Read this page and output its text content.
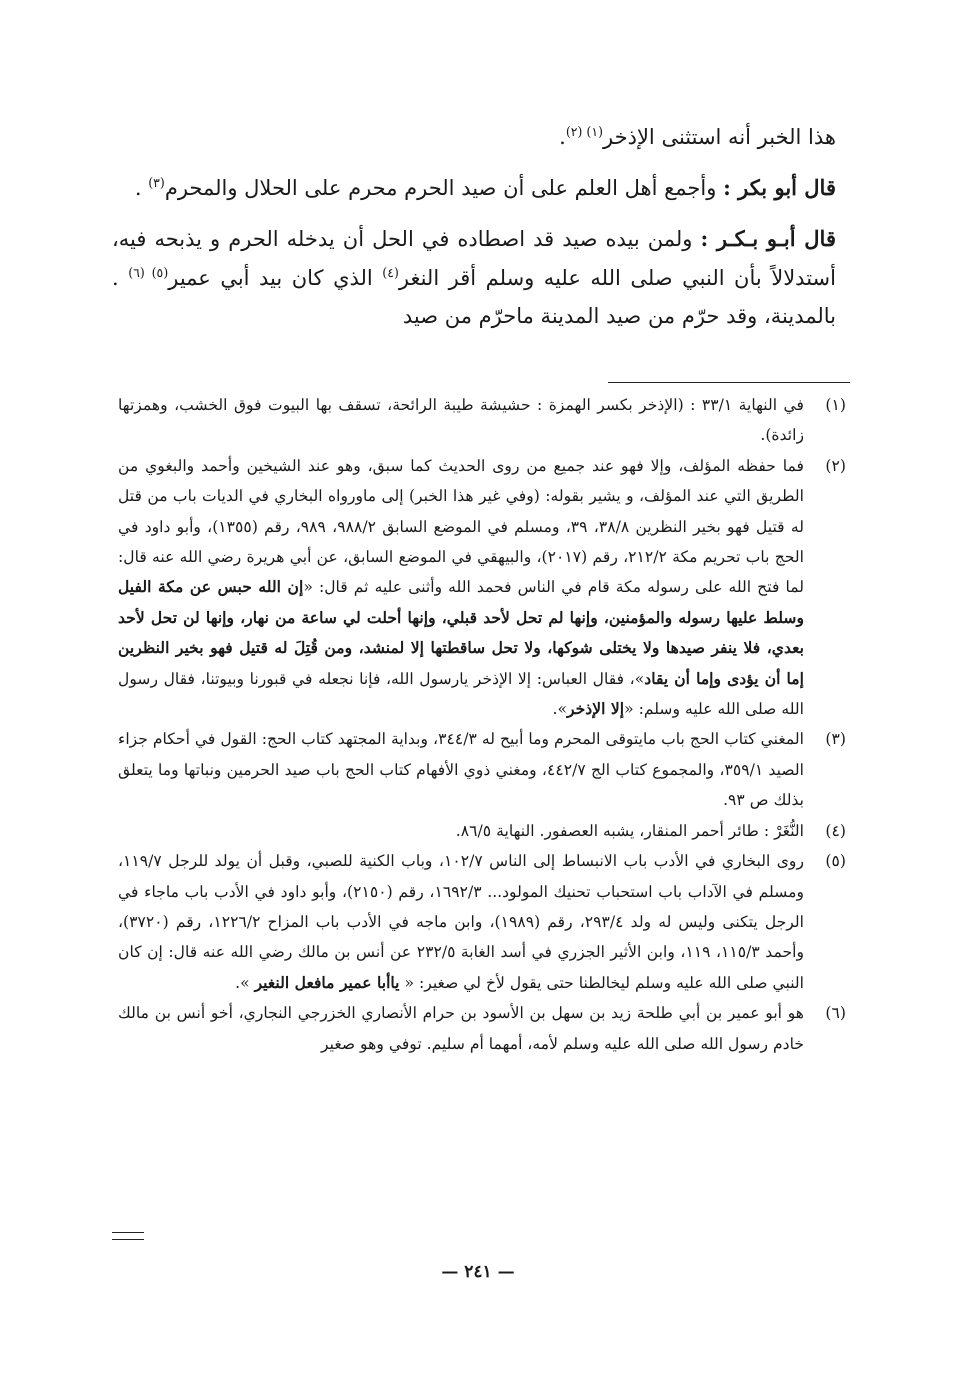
هذا الخبر أنه استثنى الإذخر$^{(١) (٢)}$.

قال أبو بكر : وأجمع أهل العلم على أن صيد الحرم محرم على الحلال والمحرم$^{(٣)}$ .

قال أبـو بـكـر : ولمن بيده صيد قد اصطاده في الحل أن يدخله الحرم و يذبحه فيه، أستدلالاً بأن النبي صلى الله عليه وسلم أقر النغر$^{(٤)}$ الذي كان بيد أبي عمير$^{(٥) (٦)}$ . بالمدينة، وقد حرّم من صيد المدينة ماحرّم من صيد

(١)
في النهاية ٣٣/١ : (الإذخر بكسر الهمزة : حشيشة طيبة الرائحة، تسقف بها البيوت فوق الخشب، وهمزتها زائدة).
(٢)
فما حفظه المؤلف، وإلا فهو عند جميع من روى الحديث كما سبق، وهو عند الشيخين وأحمد والبغوي من الطريق التي عند المؤلف، و يشير بقوله: (وفي غير هذا الخبر) إلى ماورواه البخاري في الديات باب من قتل له قتيل فهو بخير النظرين ٣٨/٨، ٣٩، ومسلم في الموضع السابق ٩٨٨/٢، ٩٨٩، رقم (١٣٥٥)، وأبو داود في الحج باب تحريم مكة ٢١٢/٢، رقم (٢٠١٧)، والبيهقي في الموضع السابق، عن أبي هريرة رضي الله عنه قال: لما فتح الله على رسوله مكة قام في الناس فحمد الله وأثنى عليه ثم قال: «إن الله حبس عن مكة الفيل وسلط عليها رسوله والمؤمنين، وإنها لم تحل لأحد قبلي، وإنها أحلت لي ساعة من نهار، وإنها لن تحل لأحد بعدي، فلا ينفر صيدها ولا يختلى شوكها، ولا تحل ساقطتها إلا لمنشد، ومن قُتِلَ له قتيل فهو بخير النظرين إما أن يؤدى وإما أن يقاد»، فقال العباس: إلا الإذخر يارسول الله، فإنا نجعله في قبورنا وبيوتنا، فقال رسول الله صلى الله عليه وسلم: «إلا الإذخر».
(٣)
المغني كتاب الحج باب مايتوقى المحرم وما أبيح له ٣٤٤/٣، وبداية المجتهد كتاب الحج: القول في أحكام جزاء الصيد ٣٥٩/١، والمجموع كتاب الج ٤٤٢/٧، ومغني ذوي الأفهام كتاب الحج باب صيد الحرمين ونباتها وما يتعلق بذلك ص ٩٣.
(٤)
النُّغَرْ : طائر أحمر المنقار، يشبه العصفور. النهاية ٨٦/٥.
(٥)
روى البخاري في الأدب باب الانبساط إلى الناس ١٠٢/٧، وباب الكنية للصبي، وقبل أن يولد للرجل ١١٩/٧، ومسلم في الآداب باب استحباب تحنيك المولود... ١٦٩٢/٣، رقم (٢١٥٠)، وأبو داود في الأدب باب ماجاء في الرجل يتكنى وليس له ولد ٢٩٣/٤، رقم (١٩٨٩)، وابن ماجه في الأدب باب المزاح ١٢٢٦/٢، رقم (٣٧٢٠)، وأحمد ١١٥/٣، ١١٩، وابن الأثير الجزري في أسد الغابة ٢٣٢/٥ عن أنس بن مالك رضي الله عنه قال: إن كان النبي صلى الله عليه وسلم ليخالطنا حتى يقول لأخ لي صغير: « ياأبا عمير مافعل النغير ».
(٦)
هو أبو عمير بن أبي طلحة زيد بن سهل بن الأسود بن حرام الأنصاري الخزرجي النجاري، أخو أنس بن مالك خادم رسول الله صلى الله عليه وسلم لأمه، أمهما أم سليم. توفي وهو صغير
— ٢٤١ —
